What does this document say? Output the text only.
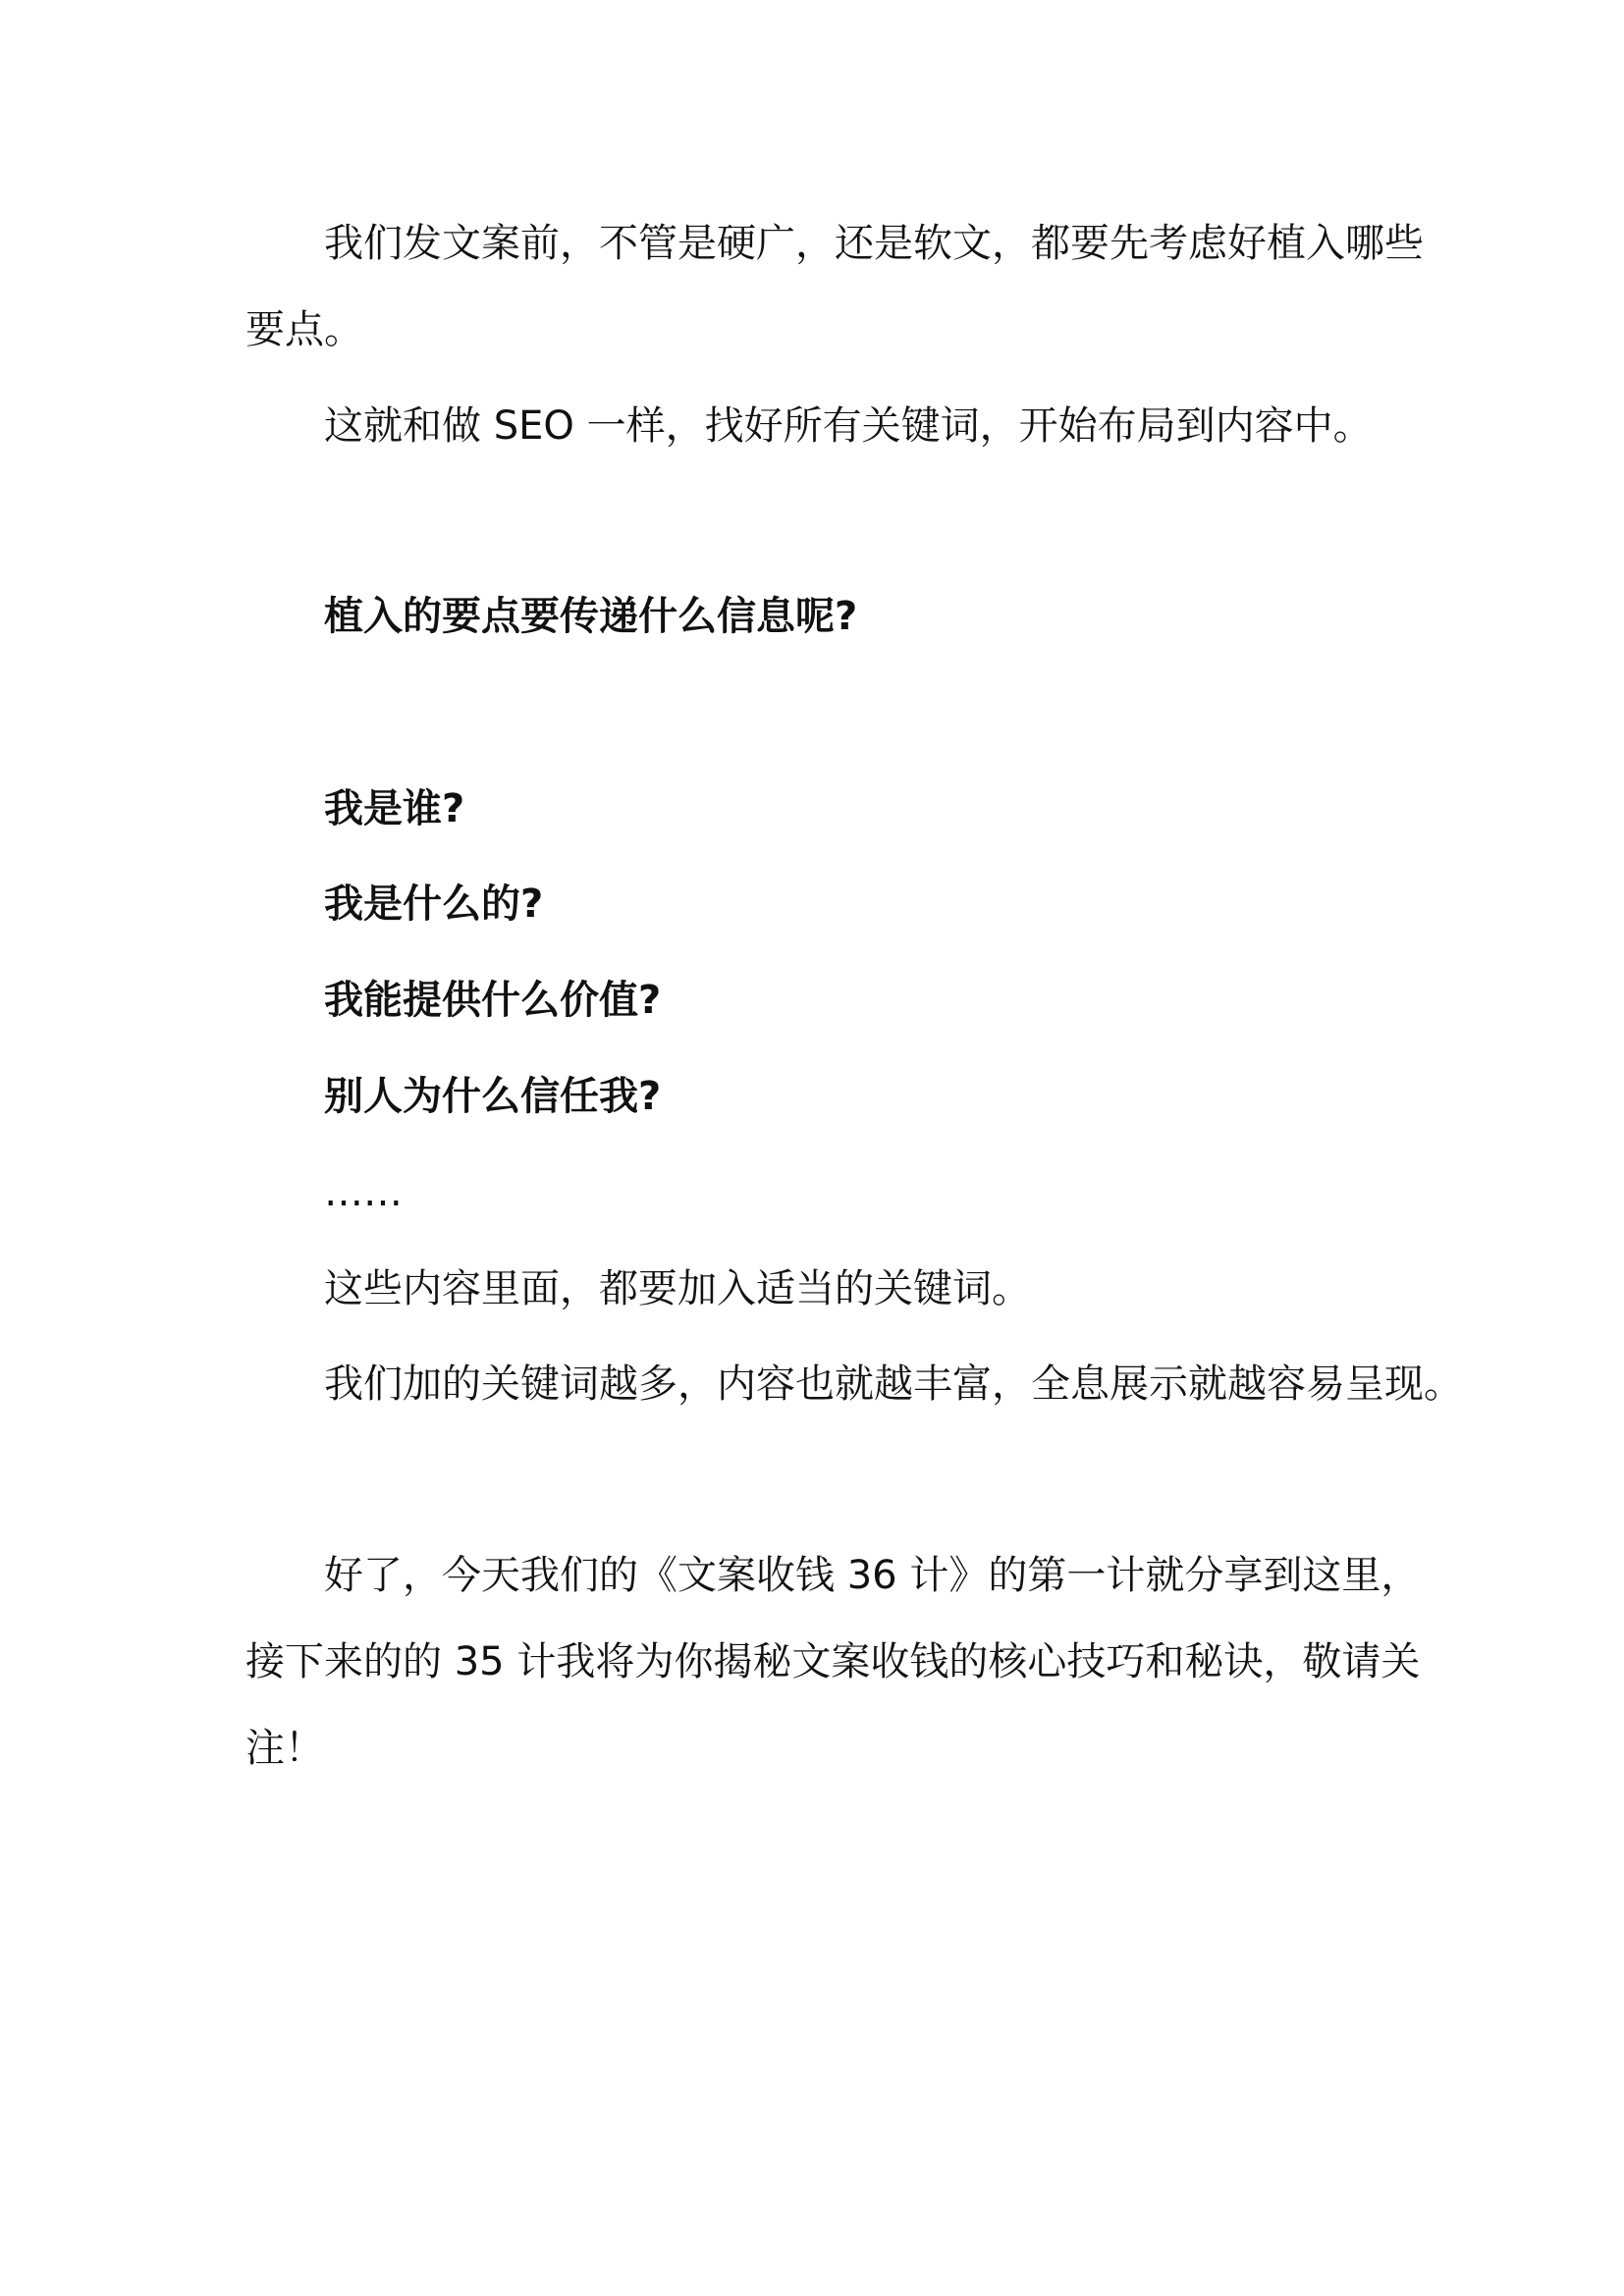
我们发文案前，不管是硬广，还是软文，都要先考虑好植入哪些
要点。
这就和做 SEO 一样，找好所有关键词，开始布局到内容中。
植入的要点要传递什么信息呢?
我是谁?
我是什么的?
我能提供什么价值?
别人为什么信任我?
……
这些内容里面，都要加入适当的关键词。
我们加的关键词越多，内容也就越丰富，全息展示就越容易呈现。
好了，今天我们的《文案收钱 36 计》的第一计就分享到这里，
接下来的的 35 计我将为你揭秘文案收钱的核心技巧和秘诀，敬请关
注！
